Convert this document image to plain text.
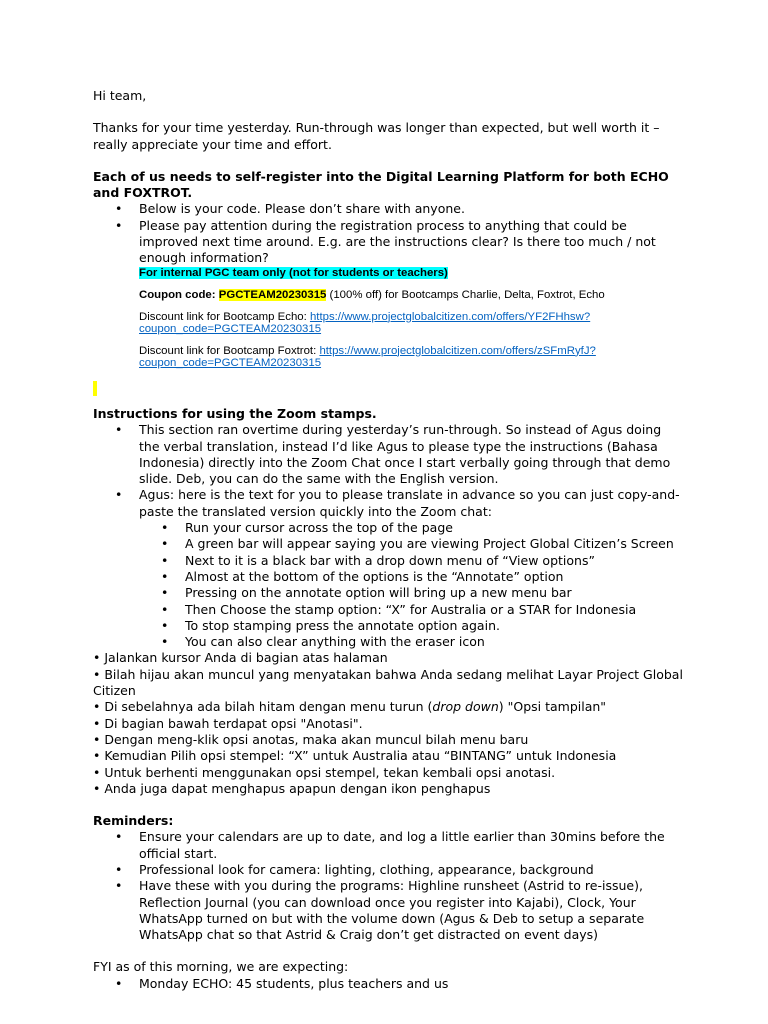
Hi team,

Thanks for your time yesterday. Run-through was longer than expected, but well worth it – really appreciate your time and effort.

Each of us needs to self-register into the Digital Learning Platform for both ECHO and FOXTROT.

• Below is your code. Please don’t share with anyone.
• Please pay attention during the registration process to anything that could be improved next time around. E.g. are the instructions clear? Is there too much / not enough information?
For internal PGC team only (not for students or teachers)
Coupon code: PGCTEAM20230315 (100% off) for Bootcamps Charlie, Delta, Foxtrot, Echo
Discount link for Bootcamp Echo: https://www.projectglobalcitizen.com/offers/YF2FHhsw?
coupon_code=PGCTEAM20230315
Discount link for Bootcamp Foxtrot: https://www.projectglobalcitizen.com/offers/zSFmRyfJ?
coupon_code=PGCTEAM20230315

Instructions for using the Zoom stamps.

• This section ran overtime during yesterday’s run-through. So instead of Agus doing the verbal translation, instead I’d like Agus to please type the instructions (Bahasa Indonesia) directly into the Zoom Chat once I start verbally going through that demo slide. Deb, you can do the same with the English version.
• Agus: here is the text for you to please translate in advance so you can just copy-and-paste the translated version quickly into the Zoom chat:
• Run your cursor across the top of the page
• A green bar will appear saying you are viewing Project Global Citizen’s Screen
• Next to it is a black bar with a drop down menu of “View options”
• Almost at the bottom of the options is the “Annotate” option
• Pressing on the annotate option will bring up a new menu bar
• Then Choose the stamp option: “X” for Australia or a STAR for Indonesia
• To stop stamping press the annotate option again.
• You can also clear anything with the eraser icon

• Jalankan kursor Anda di bagian atas halaman

• Bilah hijau akan muncul yang menyatakan bahwa Anda sedang melihat Layar Project Global Citizen

• Di sebelahnya ada bilah hitam dengan menu turun (drop down) "Opsi tampilan"

• Di bagian bawah terdapat opsi "Anotasi".

• Dengan meng-klik opsi anotas, maka akan muncul bilah menu baru

• Kemudian Pilih opsi stempel: “X” untuk Australia atau “BINTANG” untuk Indonesia

• Untuk berhenti menggunakan opsi stempel, tekan kembali opsi anotasi.

• Anda juga dapat menghapus apapun dengan ikon penghapus

Reminders:

• Ensure your calendars are up to date, and log a little earlier than 30mins before the official start.
• Professional look for camera: lighting, clothing, appearance, background
• Have these with you during the programs: Highline runsheet (Astrid to re-issue), Reflection Journal (you can download once you register into Kajabi), Clock, Your WhatsApp turned on but with the volume down (Agus & Deb to setup a separate WhatsApp chat so that Astrid & Craig don’t get distracted on event days)

FYI as of this morning, we are expecting:

• Monday ECHO: 45 students, plus teachers and us
